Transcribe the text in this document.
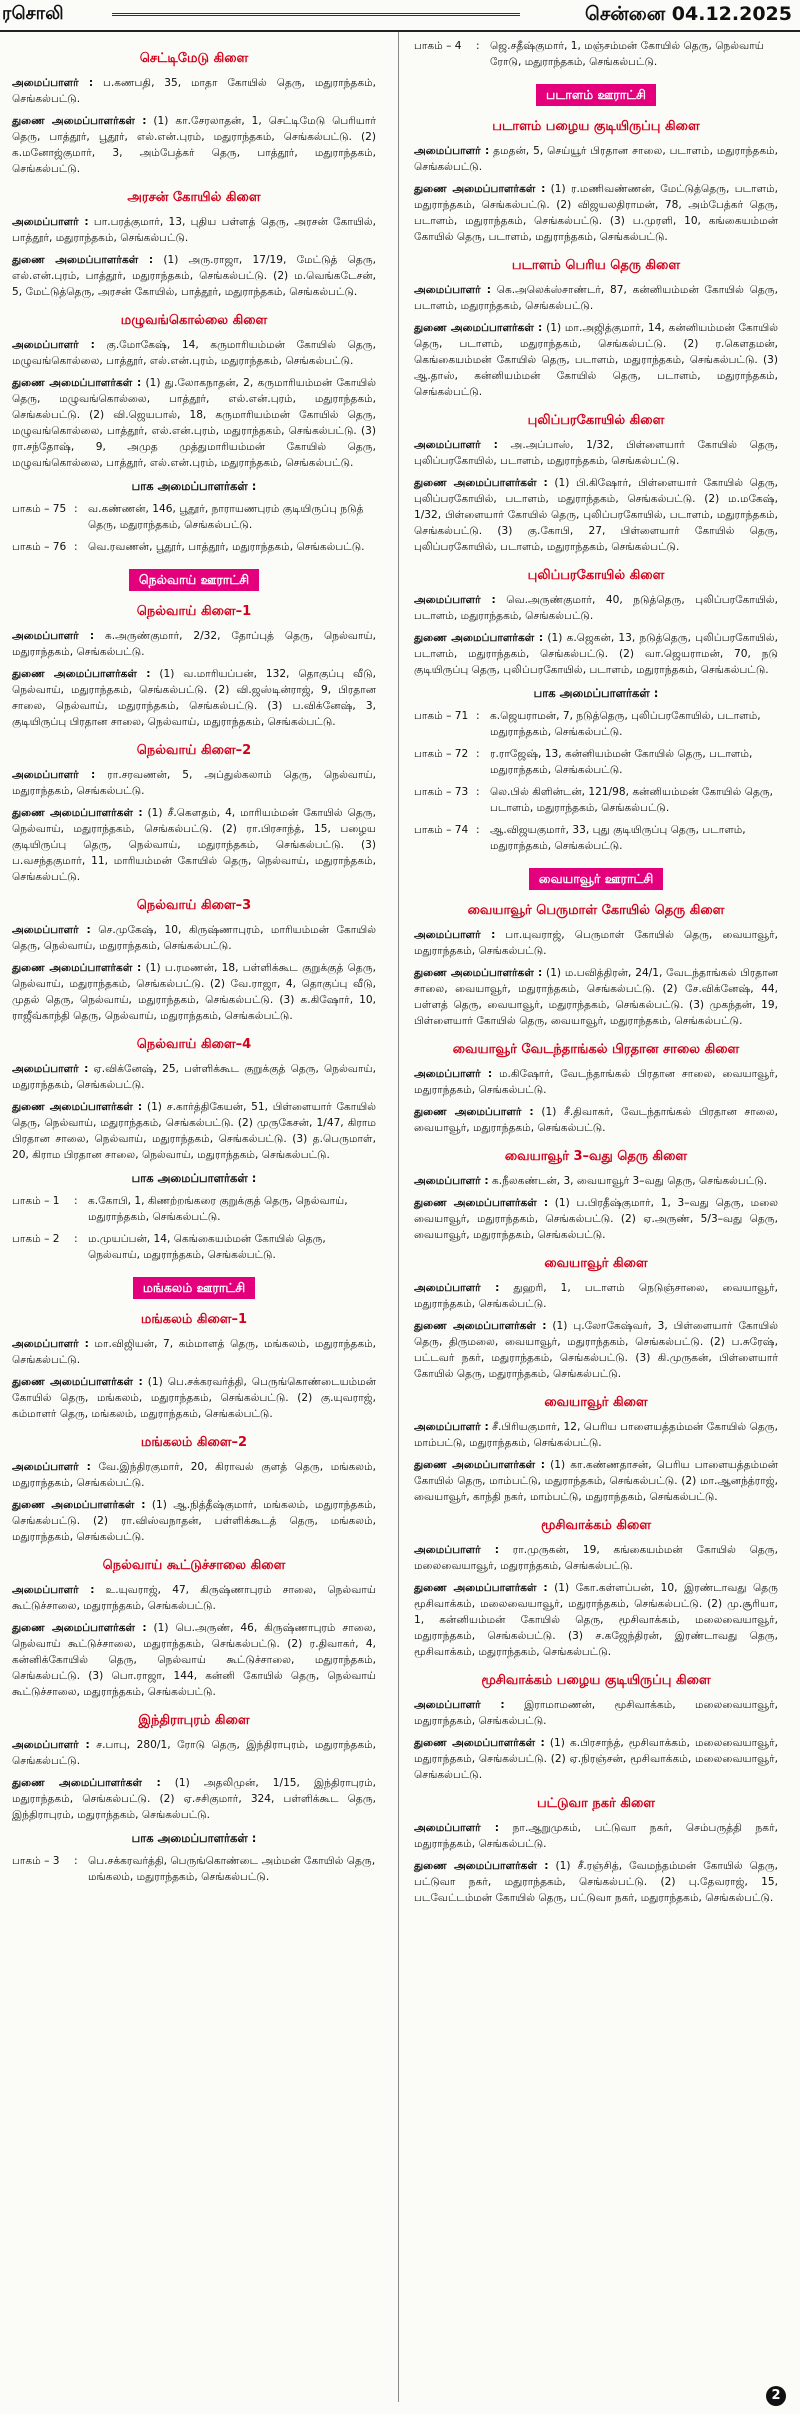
ரசொலி	சென்னை 04.12.2025
செட்டிமேடு கிளை

அமைப்பாளர் : ப.கணபதி, 35, மாதா கோயில் தெரு, மதுராந்தகம், செங்கல்பட்டு.

துணை அமைப்பாளர்கள் : (1) கா.சேரலாதன், 1, செட்டிமேடு பெரியார் தெரு, பாத்தூர், பூதூர், எல்.என்.புரம், மதுராந்தகம், செங்கல்பட்டு. (2) க.மனோஜ்குமார், 3, அம்பேத்கர் தெரு, பாத்தூர், மதுராந்தகம், செங்கல்பட்டு.

அரசன் கோயில் கிளை

அமைப்பாளர் : பா.பரத்குமார், 13, புதிய பள்ளத் தெரு, அரசன் கோயில், பாத்தூர், மதுராந்தகம், செங்கல்பட்டு.

துணை அமைப்பாளர்கள் : (1) அரு.ராஜா, 17/19, மேட்டுத் தெரு, எல்.என்.புரம், பாத்தூர், மதுராந்தகம், செங்கல்பட்டு. (2) ம.வெங்கடேசன், 5, மேட்டுத்தெரு, அரசன் கோயில், பாத்தூர், மதுராந்தகம், செங்கல்பட்டு.

மழுவங்கொல்லை கிளை

அமைப்பாளர் : கு.மோகேஷ், 14, கருமாரியம்மன் கோயில் தெரு, மழுவங்கொல்லை, பாத்தூர், எல்.என்.புரம், மதுராந்தகம், செங்கல்பட்டு.

துணை அமைப்பாளர்கள் : (1) து.லோகநாதன், 2, கருமாரியம்மன் கோயில் தெரு, மழுவங்கொல்லை, பாத்தூர், எல்.என்.புரம், மதுராந்தகம், செங்கல்பட்டு. (2) வி.ஜெயபால், 18, கருமாரியம்மன் கோயில் தெரு, மழுவங்கொல்லை, பாத்தூர், எல்.என்.புரம், மதுராந்தகம், செங்கல்பட்டு. (3) ரா.சந்தோஷ், 9, அமுத முத்துமாரியம்மன் கோயில் தெரு, மழுவங்கொல்லை, பாத்தூர், எல்.என்.புரம், மதுராந்தகம், செங்கல்பட்டு.

பாக அமைப்பாளர்கள் :
பாகம் – 75 : வ.கண்ணன், 146, பூதூர், நாராயணபுரம் குடியிருப்பு நடுத் தெரு, மதுராந்தகம், செங்கல்பட்டு.
பாகம் – 76 : வெ.ரவணன், பூதூர், பாத்தூர், மதுராந்தகம், செங்கல்பட்டு.
நெல்வாய் ஊராட்சி
நெல்வாய் கிளை–1

அமைப்பாளர் : க.அருண்குமார், 2/32, தோப்புத் தெரு, நெல்வாய், மதுராந்தகம், செங்கல்பட்டு.

துணை அமைப்பாளர்கள் : (1) வ.மாரியப்பன், 132, தொகுப்பு வீடு, நெல்வாய், மதுராந்தகம், செங்கல்பட்டு. (2) வி.ஜஸ்டின்ராஜ், 9, பிரதான சாலை, நெல்வாய், மதுராந்தகம், செங்கல்பட்டு. (3) ப.விக்னேஷ், 3, குடியிருப்பு பிரதான சாலை, நெல்வாய், மதுராந்தகம், செங்கல்பட்டு.

நெல்வாய் கிளை–2

அமைப்பாளர் : ரா.சரவணன், 5, அப்துல்கலாம் தெரு, நெல்வாய், மதுராந்தகம், செங்கல்பட்டு.

துணை அமைப்பாளர்கள் : (1) சீ.கௌதம், 4, மாரியம்மன் கோயில் தெரு, நெல்வாய், மதுராந்தகம், செங்கல்பட்டு. (2) ரா.பிரசாந்த், 15, பழைய குடியிருப்பு தெரு, நெல்வாய், மதுராந்தகம், செங்கல்பட்டு. (3) ப.வசந்தகுமார், 11, மாரியம்மன் கோயில் தெரு, நெல்வாய், மதுராந்தகம், செங்கல்பட்டு.

நெல்வாய் கிளை–3

அமைப்பாளர் : செ.முகேஷ், 10, கிருஷ்ணாபுரம், மாரியம்மன் கோயில் தெரு, நெல்வாய், மதுராந்தகம், செங்கல்பட்டு.

துணை அமைப்பாளர்கள் : (1) ப.ரமணன், 18, பள்ளிக்கூட குறுக்குத் தெரு, நெல்வாய், மதுராந்தகம், செங்கல்பட்டு. (2) வே.ராஜா, 4, தொகுப்பு வீடு, முதல் தெரு, நெல்வாய், மதுராந்தகம், செங்கல்பட்டு. (3) க.கிஷோர், 10, ராஜீவ்காந்தி தெரு, நெல்வாய், மதுராந்தகம், செங்கல்பட்டு.

நெல்வாய் கிளை–4

அமைப்பாளர் : ஏ.விக்னேஷ், 25, பள்ளிக்கூட குறுக்குத் தெரு, நெல்வாய், மதுராந்தகம், செங்கல்பட்டு.

துணை அமைப்பாளர்கள் : (1) ச.கார்த்திகேயன், 51, பிள்ளையார் கோயில் தெரு, நெல்வாய், மதுராந்தகம், செங்கல்பட்டு. (2) முருகேசன், 1/47, கிராம பிரதான சாலை, நெல்வாய், மதுராந்தகம், செங்கல்பட்டு. (3) த.பெருமாள், 20, கிராம பிரதான சாலை, நெல்வாய், மதுராந்தகம், செங்கல்பட்டு.

பாக அமைப்பாளர்கள் :
பாகம் – 1	: க.கோபி, 1, கிணற்றங்கரை குறுக்குத் தெரு, நெல்வாய், மதுராந்தகம், செங்கல்பட்டு.
பாகம் – 2	: ம.முயப்பன், 14, கெங்கையம்மன் கோயில் தெரு, நெல்வாய், மதுராந்தகம், செங்கல்பட்டு.
மங்கலம் ஊராட்சி
மங்கலம் கிளை–1

அமைப்பாளர் : மா.விஜியன், 7, கம்மாளத் தெரு, மங்கலம், மதுராந்தகம், செங்கல்பட்டு.

துணை அமைப்பாளர்கள் : (1) பெ.சக்கரவர்த்தி, பெருங்கொண்டையம்மன் கோயில் தெரு, மங்கலம், மதுராந்தகம், செங்கல்பட்டு. (2) கு.யுவராஜ், கம்மாளர் தெரு, மங்கலம், மதுராந்தகம், செங்கல்பட்டு.

மங்கலம் கிளை–2

அமைப்பாளர் : வே.இந்திரகுமார், 20, கிராவல் குளத் தெரு, மங்கலம், மதுராந்தகம், செங்கல்பட்டு.

துணை அமைப்பாளர்கள் : (1) ஆ.நித்தீஷ்குமார், மங்கலம், மதுராந்தகம், செங்கல்பட்டு. (2) ரா.விஸ்வநாதன், பள்ளிக்கூடத் தெரு, மங்கலம், மதுராந்தகம், செங்கல்பட்டு.

நெல்வாய் கூட்டுச்சாலை கிளை

அமைப்பாளர் : உ.யுவராஜ், 47, கிருஷ்ணாபுரம் சாலை, நெல்வாய் கூட்டுச்சாலை, மதுராந்தகம், செங்கல்பட்டு.

துணை அமைப்பாளர்கள் : (1) பெ.அருண், 46, கிருஷ்ணாபுரம் சாலை, நெல்வாய் கூட்டுச்சாலை, மதுராந்தகம், செங்கல்பட்டு. (2) ர.திவாகர், 4, கன்னிக்கோயில் தெரு, நெல்வாய் கூட்டுச்சாலை, மதுராந்தகம், செங்கல்பட்டு. (3) பொ.ராஜா, 144, கன்னி கோயில் தெரு, நெல்வாய் கூட்டுச்சாலை, மதுராந்தகம், செங்கல்பட்டு.

இந்திராபுரம் கிளை

அமைப்பாளர் : ச.பாபு, 280/1, ரோடு தெரு, இந்திராபுரம், மதுராந்தகம், செங்கல்பட்டு.

துணை அமைப்பாளர்கள் : (1) அதலிமுன், 1/15, இந்திராபுரம், மதுராந்தகம், செங்கல்பட்டு. (2) ஏ.சசிகுமார், 324, பள்ளிக்கூட தெரு, இந்திராபுரம், மதுராந்தகம், செங்கல்பட்டு.

பாக அமைப்பாளர்கள் :
பாகம் – 3	: பெ.சக்கரவர்த்தி, பெருங்கொண்டை அம்மன் கோயில் தெரு, மங்கலம், மதுராந்தகம், செங்கல்பட்டு.
பாகம் – 4	: ஜெ.சதீஷ்குமார், 1, மஞ்சம்மன் கோயில் தெரு, நெல்வாய் ரோடு, மதுராந்தகம், செங்கல்பட்டு.
படாளம் ஊராட்சி
படாளம் பழைய குடியிருப்பு கிளை

அமைப்பாளர் : தமதன், 5, செய்யூர் பிரதான சாலை, படாளம், மதுராந்தகம், செங்கல்பட்டு.

துணை அமைப்பாளர்கள் : (1) ர.மணிவண்ணன், மேட்டுத்தெரு, படாளம், மதுராந்தகம், செங்கல்பட்டு. (2) விஜயலதிராமன், 78, அம்பேத்கர் தெரு, படாளம், மதுராந்தகம், செங்கல்பட்டு. (3) ப.முரளி, 10, கங்கையம்மன் கோயில் தெரு, படாளம், மதுராந்தகம், செங்கல்பட்டு.

படாளம் பெரிய தெரு கிளை

அமைப்பாளர் : கெ.அலெக்ஸ்சாண்டர், 87, கன்னியம்மன் கோயில் தெரு, படாளம், மதுராந்தகம், செங்கல்பட்டு.

துணை அமைப்பாளர்கள் : (1) மா.அஜித்குமார், 14, கன்னியம்மன் கோயில் தெரு, படாளம், மதுராந்தகம், செங்கல்பட்டு. (2) ர.கௌதமன், கெங்கையம்மன் கோயில் தெரு, படாளம், மதுராந்தகம், செங்கல்பட்டு. (3) ஆ.தாஸ், கன்னியம்மன் கோயில் தெரு, படாளம், மதுராந்தகம், செங்கல்பட்டு.

புலிப்பரகோயில் கிளை

அமைப்பாளர் : அ.அப்பாஸ், 1/32, பிள்ளையார் கோயில் தெரு, புலிப்பரகோயில், படாளம், மதுராந்தகம், செங்கல்பட்டு.

துணை அமைப்பாளர்கள் : (1) பி.கிஷோர், பிள்ளையார் கோயில் தெரு, புலிப்பரகோயில், படாளம், மதுராந்தகம், செங்கல்பட்டு. (2) ம.மகேஷ், 1/32, பிள்ளையார் கோயில் தெரு, புலிப்பரகோயில், படாளம், மதுராந்தகம், செங்கல்பட்டு. (3) கு.கோபி, 27, பிள்ளையார் கோயில் தெரு, புலிப்பரகோயில், படாளம், மதுராந்தகம், செங்கல்பட்டு.

புலிப்பரகோயில் கிளை

அமைப்பாளர் : வெ.அருண்குமார், 40, நடுத்தெரு, புலிப்பரகோயில், படாளம், மதுராந்தகம், செங்கல்பட்டு.

துணை அமைப்பாளர்கள் : (1) க.ஜெகன், 13, நடுத்தெரு, புலிப்பரகோயில், படாளம், மதுராந்தகம், செங்கல்பட்டு. (2) வா.ஜெயராமன், 70, நடு குடியிருப்பு தெரு, புலிப்பரகோயில், படாளம், மதுராந்தகம், செங்கல்பட்டு.

பாக அமைப்பாளர்கள் :
பாகம் – 71 : க.ஜெயராமன், 7, நடுத்தெரு, புலிப்பரகோயில், படாளம், மதுராந்தகம், செங்கல்பட்டு.
பாகம் – 72 : ர.ராஜேஷ், 13, கன்னியம்மன் கோயில் தெரு, படாளம், மதுராந்தகம், செங்கல்பட்டு.
பாகம் – 73 : லெ.பில் கிளின்டன், 121/98, கன்னியம்மன் கோயில் தெரு, படாளம், மதுராந்தகம், செங்கல்பட்டு.
பாகம் – 74 : ஆ.விஜயகுமார், 33, புது குடியிருப்பு தெரு, படாளம், மதுராந்தகம், செங்கல்பட்டு.
வையாவூர் ஊராட்சி
வையாவூர் பெருமாள் கோயில் தெரு கிளை

அமைப்பாளர் : பா.யுவராஜ், பெருமாள் கோயில் தெரு, வையாவூர், மதுராந்தகம், செங்கல்பட்டு.

துணை அமைப்பாளர்கள் : (1) ம.பவித்திரன், 24/1, வேடந்தாங்கல் பிரதான சாலை, வையாவூர், மதுராந்தகம், செங்கல்பட்டு. (2) சே.விக்னேஷ், 44, பள்ளத் தெரு, வையாவூர், மதுராந்தகம், செங்கல்பட்டு. (3) முகந்தன், 19, பிள்ளையார் கோயில் தெரு, வையாவூர், மதுராந்தகம், செங்கல்பட்டு.

வையாவூர் வேடந்தாங்கல் பிரதான சாலை கிளை

அமைப்பாளர் : ம.கிஷோர், வேடந்தாங்கல் பிரதான சாலை, வையாவூர், மதுராந்தகம், செங்கல்பட்டு.

துணை அமைப்பாளர் : (1) சீ.திவாகர், வேடந்தாங்கல் பிரதான சாலை, வையாவூர், மதுராந்தகம், செங்கல்பட்டு.

வையாவூர் 3–வது தெரு கிளை

அமைப்பாளர் : க.நீலகண்டன், 3, வையாவூர் 3–வது தெரு, செங்கல்பட்டு.

துணை அமைப்பாளர்கள் : (1) ப.பிரதீஷ்குமார், 1, 3–வது தெரு, மலை வையாவூர், மதுராந்தகம், செங்கல்பட்டு. (2) ஏ.அருண், 5/3–வது தெரு, வையாவூர், மதுராந்தகம், செங்கல்பட்டு.

வையாவூர் கிளை

அமைப்பாளர் : துஹரி, 1, படாளம் நெடுஞ்சாலை, வையாவூர், மதுராந்தகம், செங்கல்பட்டு.

துணை அமைப்பாளர்கள் : (1) பு.லோகேஷ்வர், 3, பிள்ளையார் கோயில் தெரு, திருமலை, வையாவூர், மதுராந்தகம், செங்கல்பட்டு. (2) ப.சுரேஷ், பட்டவர் நகர், மதுராந்தகம், செங்கல்பட்டு. (3) கி.முருகன், பிள்ளையார் கோயில் தெரு, மதுராந்தகம், செங்கல்பட்டு.

வையாவூர் கிளை

அமைப்பாளர் : சீ.பிரியகுமார், 12, பெரிய பாளையத்தம்மன் கோயில் தெரு, மாம்பட்டு, மதுராந்தகம், செங்கல்பட்டு.

துணை அமைப்பாளர்கள் : (1) கா.கண்ணதாசன், பெரிய பாளையத்தம்மன் கோயில் தெரு, மாம்பட்டு, மதுராந்தகம், செங்கல்பட்டு. (2) மா.ஆனந்த்ராஜ், வையாவூர், காந்தி நகர், மாம்பட்டு, மதுராந்தகம், செங்கல்பட்டு.

மூசிவாக்கம் கிளை

அமைப்பாளர் : ரா.முருகன், 19, கங்கையம்மன் கோயில் தெரு, மலைவையாவூர், மதுராந்தகம், செங்கல்பட்டு.

துணை அமைப்பாளர்கள் : (1) கோ.கள்ளப்பன், 10, இரண்டாவது தெரு மூசிவாக்கம், மலைவையாவூர், மதுராந்தகம், செங்கல்பட்டு. (2) மு.சூரியா, 1, கன்னியம்மன் கோயில் தெரு, மூசிவாக்கம், மலைவையாவூர், மதுராந்தகம், செங்கல்பட்டு. (3) ச.கஜேந்திரன், இரண்டாவது தெரு, மூசிவாக்கம், மதுராந்தகம், செங்கல்பட்டு.

மூசிவாக்கம் பழைய குடியிருப்பு கிளை

அமைப்பாளர் : இராமாமணன், மூசிவாக்கம், மலைவையாவூர், மதுராந்தகம், செங்கல்பட்டு.

துணை அமைப்பாளர்கள் : (1) க.பிரசாந்த், மூசிவாக்கம், மலைவையாவூர், மதுராந்தகம், செங்கல்பட்டு. (2) ஏ.நிரஞ்சன், மூசிவாக்கம், மலைவையாவூர், செங்கல்பட்டு.

பட்டுவா நகர் கிளை

அமைப்பாளர் : நா.ஆறுமுகம், பட்டுவா நகர், செம்பருத்தி நகர், மதுராந்தகம், செங்கல்பட்டு.

துணை அமைப்பாளர்கள் : (1) சீ.ரஞ்சித், வேமந்தம்மன் கோயில் தெரு, பட்டுவா நகர், மதுராந்தகம், செங்கல்பட்டு. (2) பு.தேவராஜ், 15, படவேட்டம்மன் கோயில் தெரு, பட்டுவா நகர், மதுராந்தகம், செங்கல்பட்டு.

2
